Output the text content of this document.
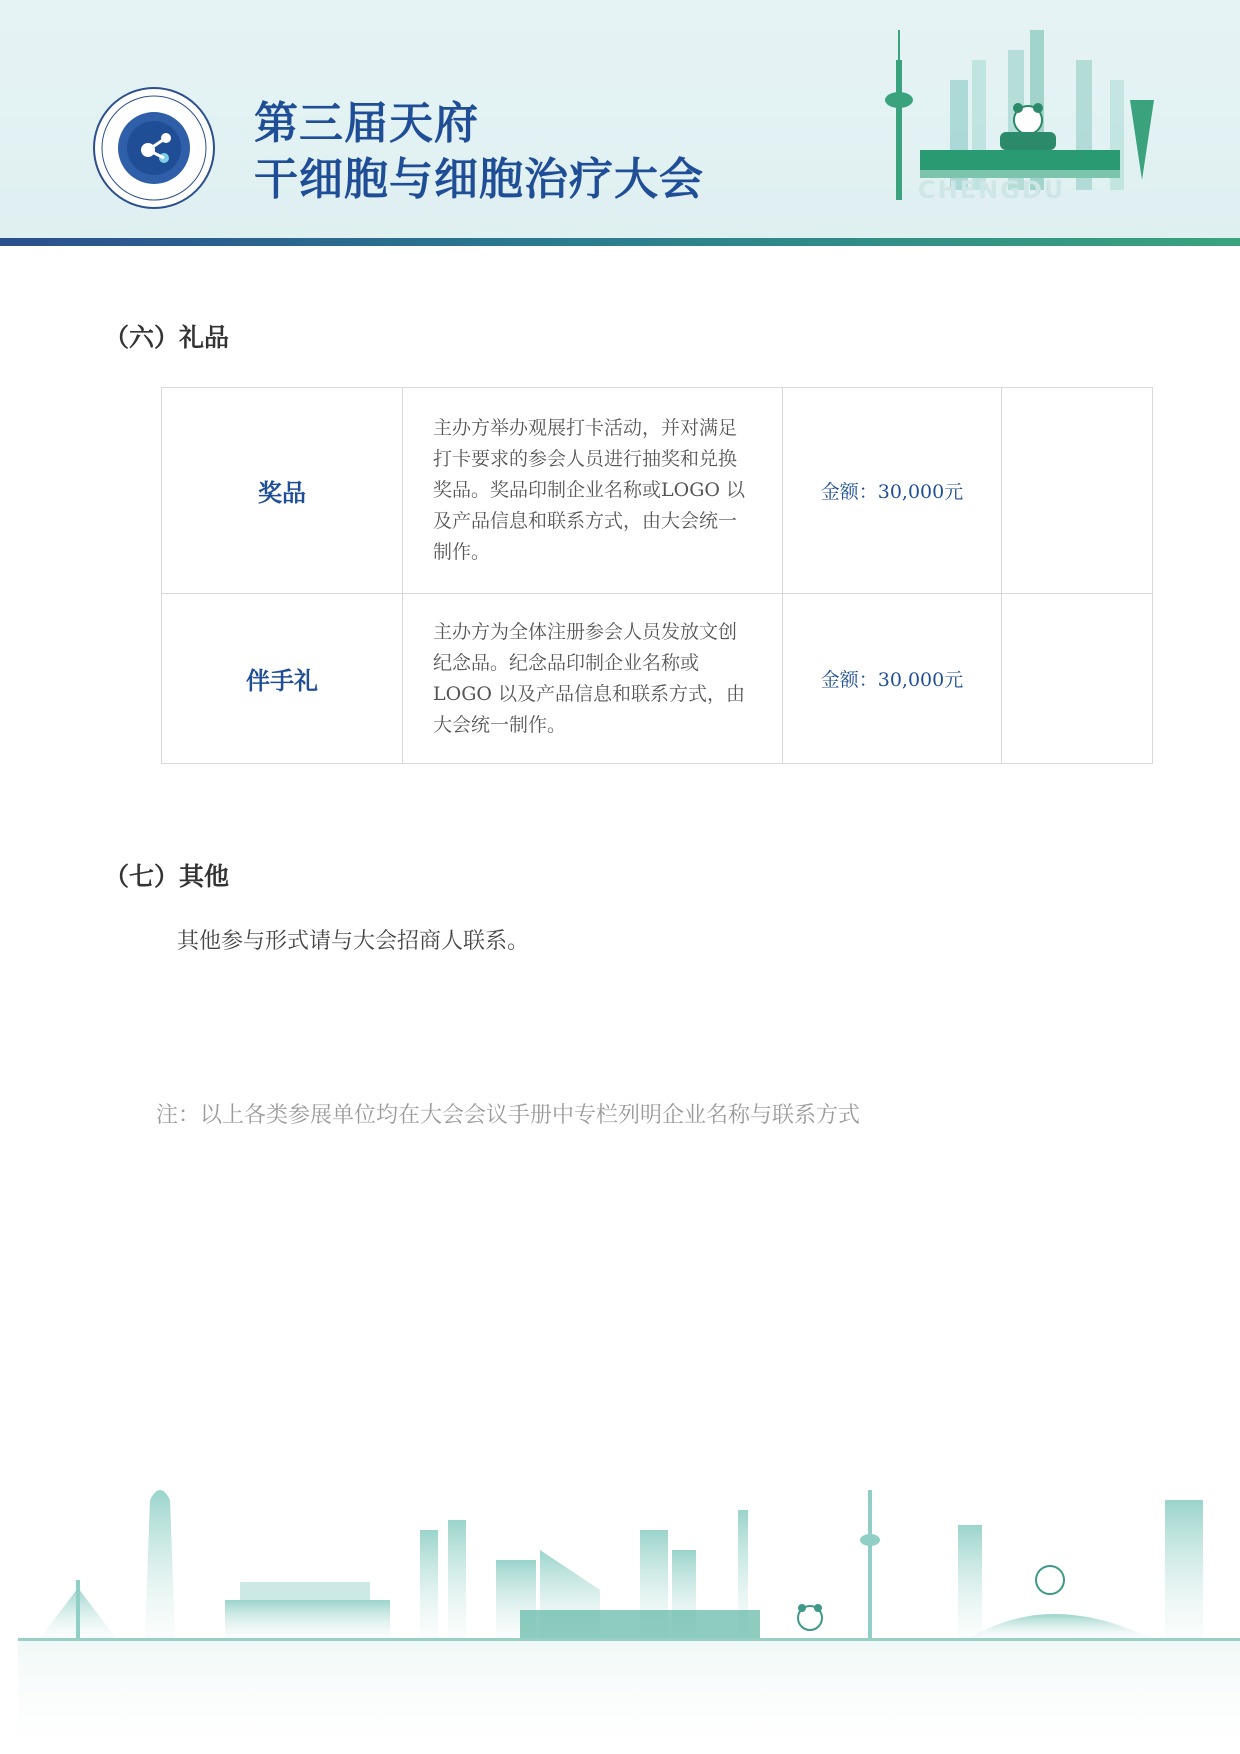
第三届天府
干细胞与细胞治疗大会	CHENGDU
（六）礼品
奖品	主办方举办观展打卡活动，并对满足打卡要求的参会人员进行抽奖和兑换奖品。奖品印制企业名称或LOGO 以及产品信息和联系方式，由大会统一制作。	金额：30,000元	
伴手礼	主办方为全体注册参会人员发放文创纪念品。纪念品印制企业名称或LOGO 以及产品信息和联系方式，由大会统一制作。	金额：30,000元	
（七）其他
其他参与形式请与大会招商人联系。
注：以上各类参展单位均在大会会议手册中专栏列明企业名称与联系方式
